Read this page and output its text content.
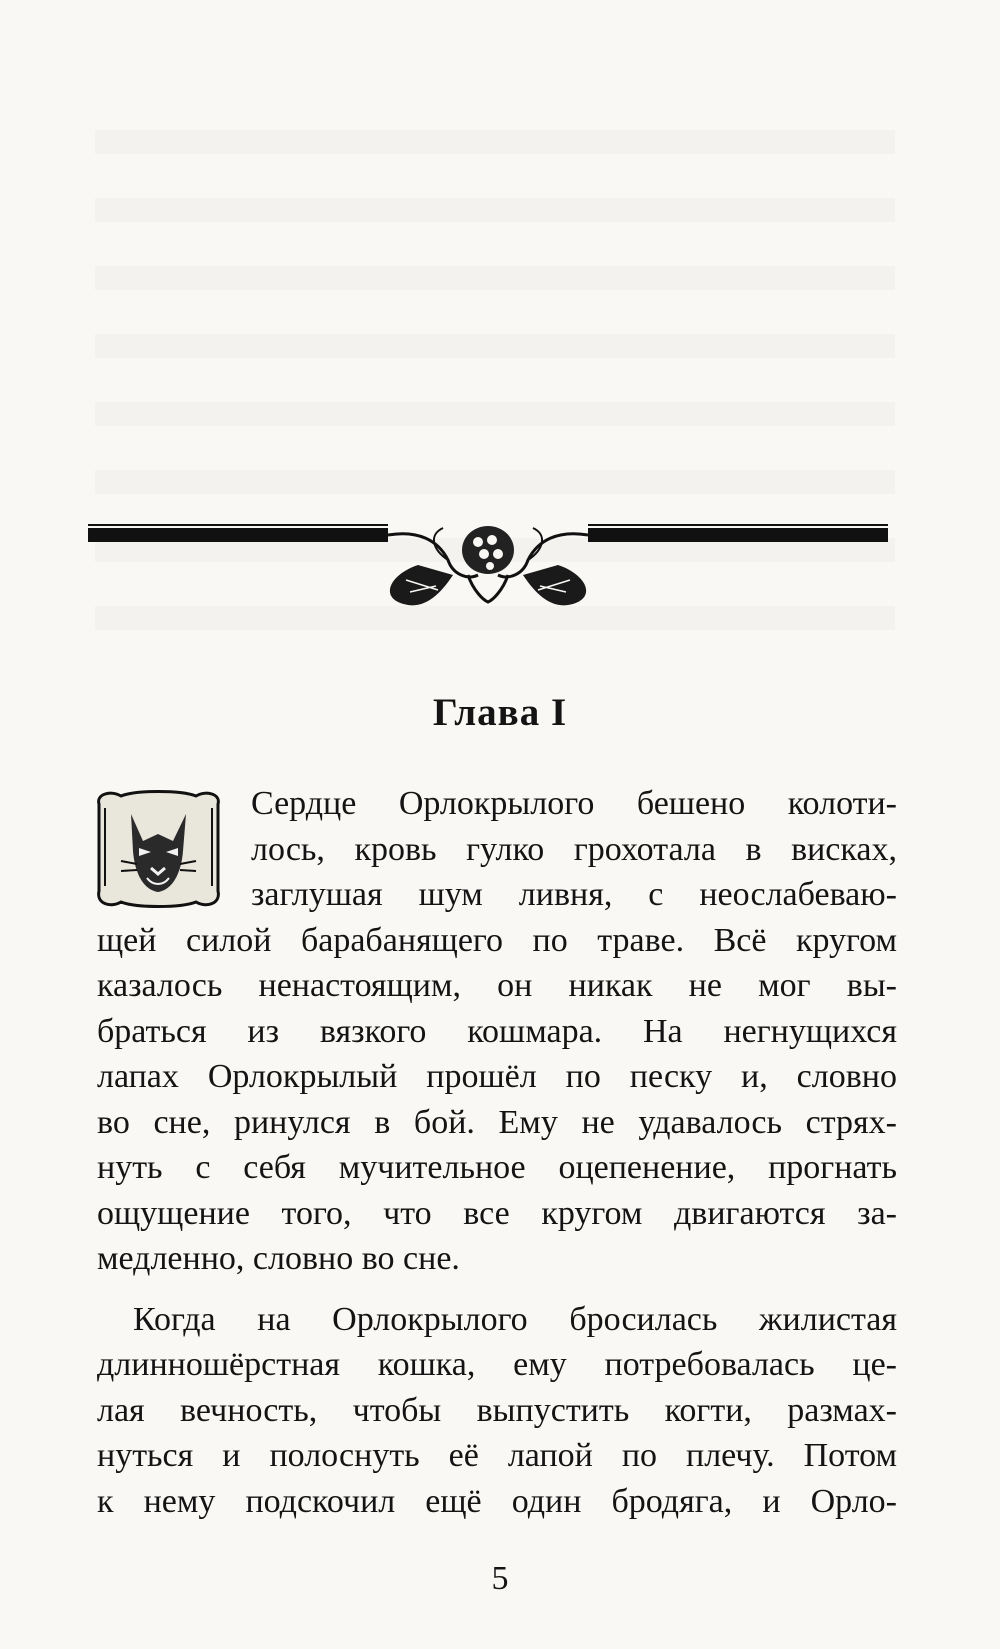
Глава I
Сердце Орлокрылого бешено колоти-
лось, кровь гулко грохотала в висках,
заглушая шум ливня, с неослабеваю-
щей силой барабанящего по траве. Всё кругом
казалось ненастоящим, он никак не мог вы-
браться из вязкого кошмара. На негнущихся
лапах Орлокрылый прошёл по песку и, словно
во сне, ринулся в бой. Ему не удавалось стрях-
нуть с себя мучительное оцепенение, прогнать
ощущение того, что все кругом двигаются за-
медленно, словно во сне.
Когда на Орлокрылого бросилась жилистая
длинношёрстная кошка, ему потребовалась це-
лая вечность, чтобы выпустить когти, размах-
нуться и полоснуть её лапой по плечу. Потом
к нему подскочил ещё один бродяга, и Орло-
5
